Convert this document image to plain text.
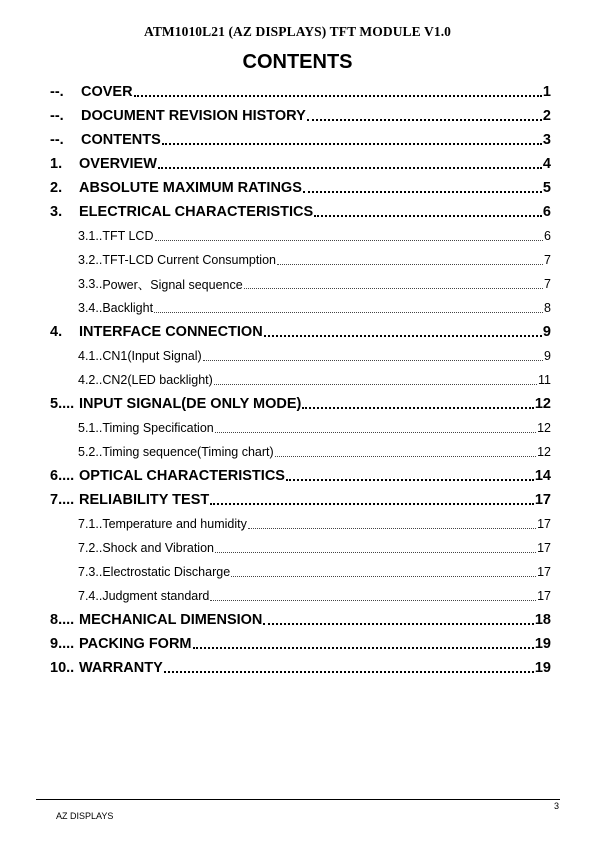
ATM1010L21 (AZ DISPLAYS) TFT MODULE V1.0
CONTENTS
--.	COVER	1
--.	DOCUMENT REVISION HISTORY	2
--.	CONTENTS	3
1.	OVERVIEW	4
2.	ABSOLUTE MAXIMUM RATINGS	5
3.	ELECTRICAL CHARACTERISTICS	6
3.1.. TFT LCD	6
3.2.. TFT-LCD Current Consumption	7
3.3.. Power、Signal sequence	7
3.4.. Backlight	8
4.	INTERFACE CONNECTION	9
4.1.. CN1(Input Signal)	9
4.2.. CN2(LED backlight)	11
5.... INPUT SIGNAL(DE ONLY MODE)	12
5.1.. Timing Specification	12
5.2.. Timing sequence(Timing chart)	12
6.... OPTICAL CHARACTERISTICS	14
7.... RELIABILITY TEST	17
7.1.. Temperature and humidity	17
7.2.. Shock and Vibration	17
7.3.. Electrostatic Discharge	17
7.4.. Judgment standard	17
8.... MECHANICAL DIMENSION	18
9.... PACKING FORM	19
10.. WARRANTY	19
3
AZ DISPLAYS
